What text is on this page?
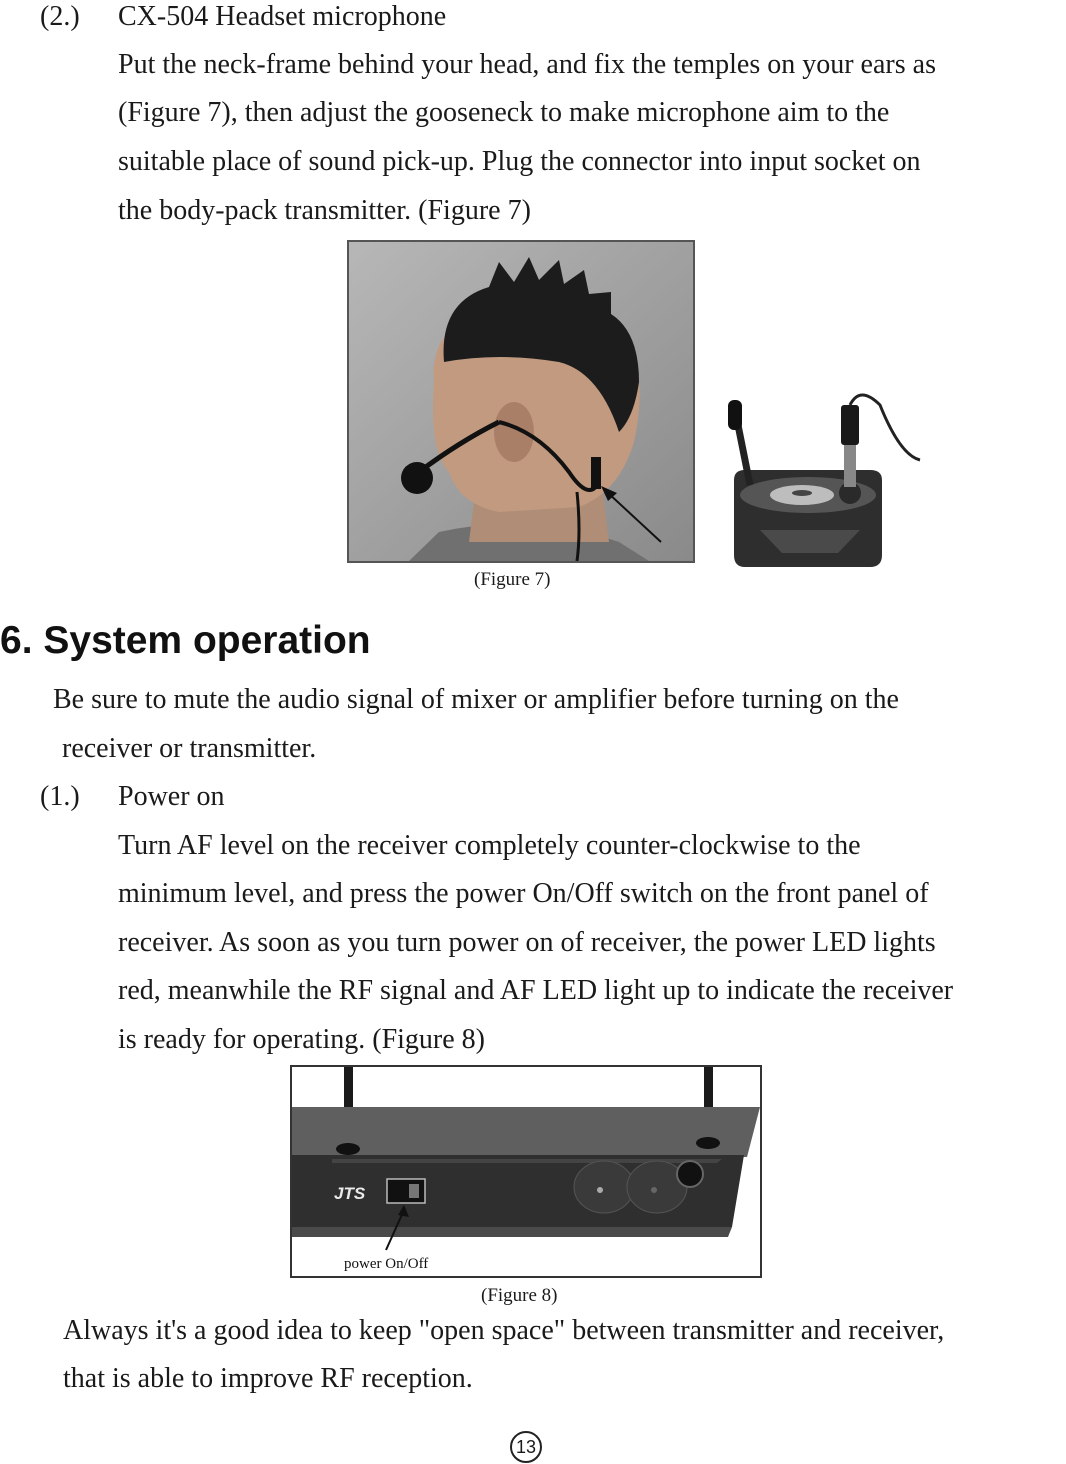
(2.) CX-504 Headset microphone
Put the neck-frame behind your head, and fix the temples on your ears as
(Figure 7), then adjust the gooseneck to make microphone aim to the
suitable place of sound pick-up. Plug the connector into input socket on
the body-pack transmitter. (Figure 7)
(Figure 7)
6. System operation
Be sure to mute the audio signal of mixer or amplifier before turning on the
receiver or transmitter.
(1.) Power on
Turn AF level on the receiver completely counter-clockwise to the
minimum level, and press the power On/Off switch on the front panel of
receiver. As soon as you turn power on of receiver, the power LED lights
red, meanwhile the RF signal and AF LED light up to indicate the receiver
is ready for operating. (Figure 8)
JTS
power On/Off
(Figure 8)
Always it's a good idea to keep "open space" between transmitter and receiver,
that is able to improve RF reception.
13
